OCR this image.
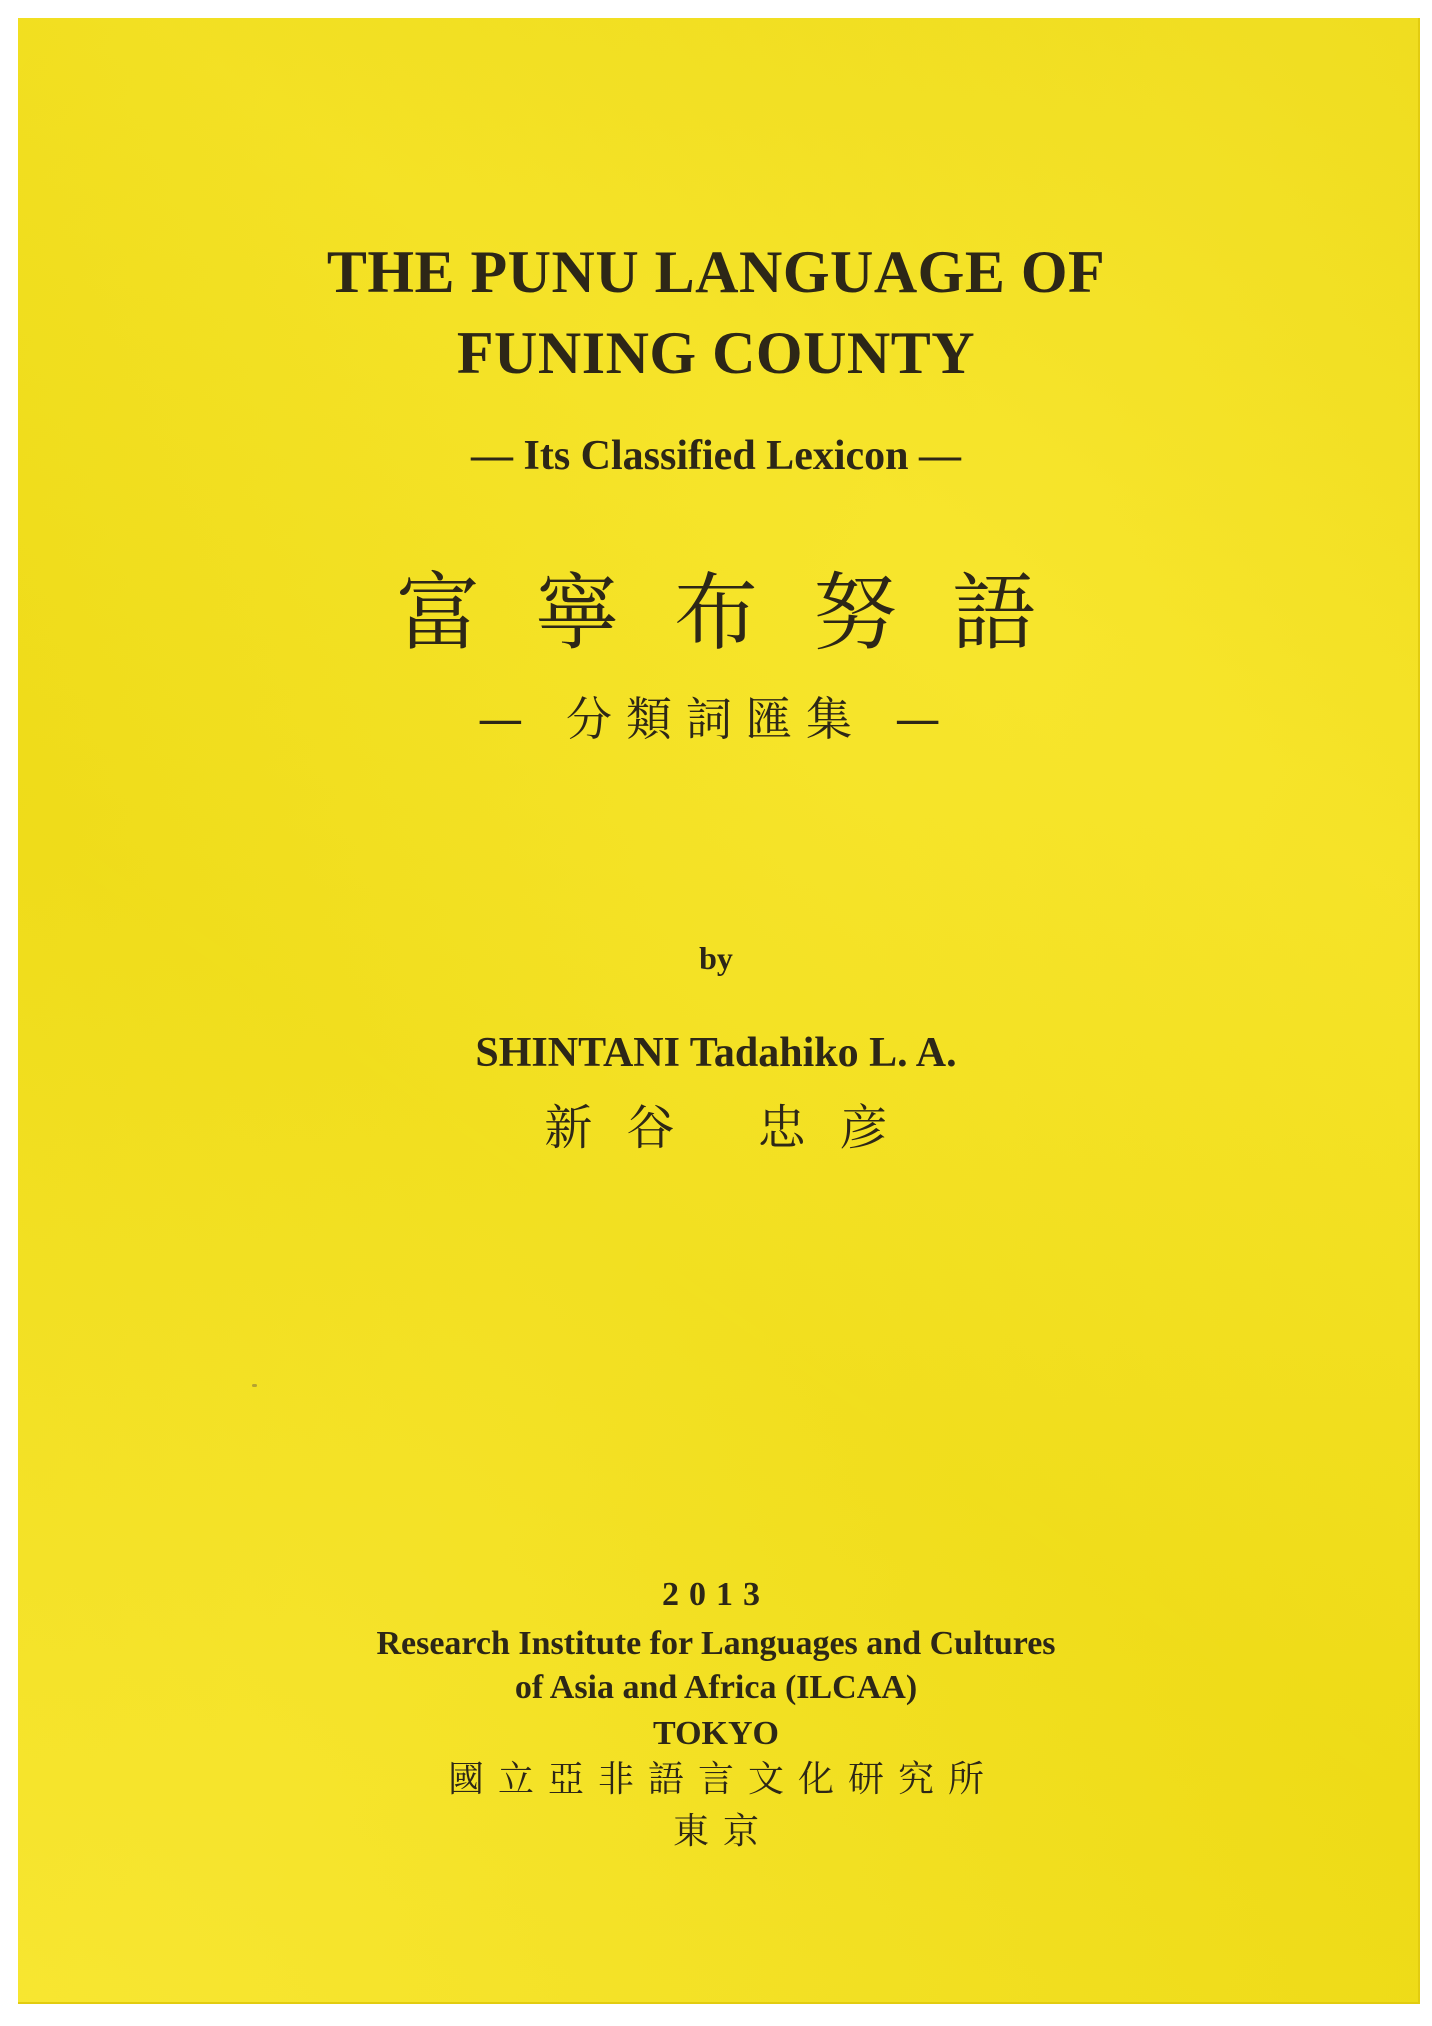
THE PUNU LANGUAGE OF
FUNING COUNTY
— Its Classified Lexicon —
富寧布努語
— 分類詞匯集 —
by
SHINTANI Tadahiko L. A.
新谷 忠彦
2013
Research Institute for Languages and Cultures
of Asia and Africa (ILCAA)
TOKYO
國立亞非語言文化研究所
東京
